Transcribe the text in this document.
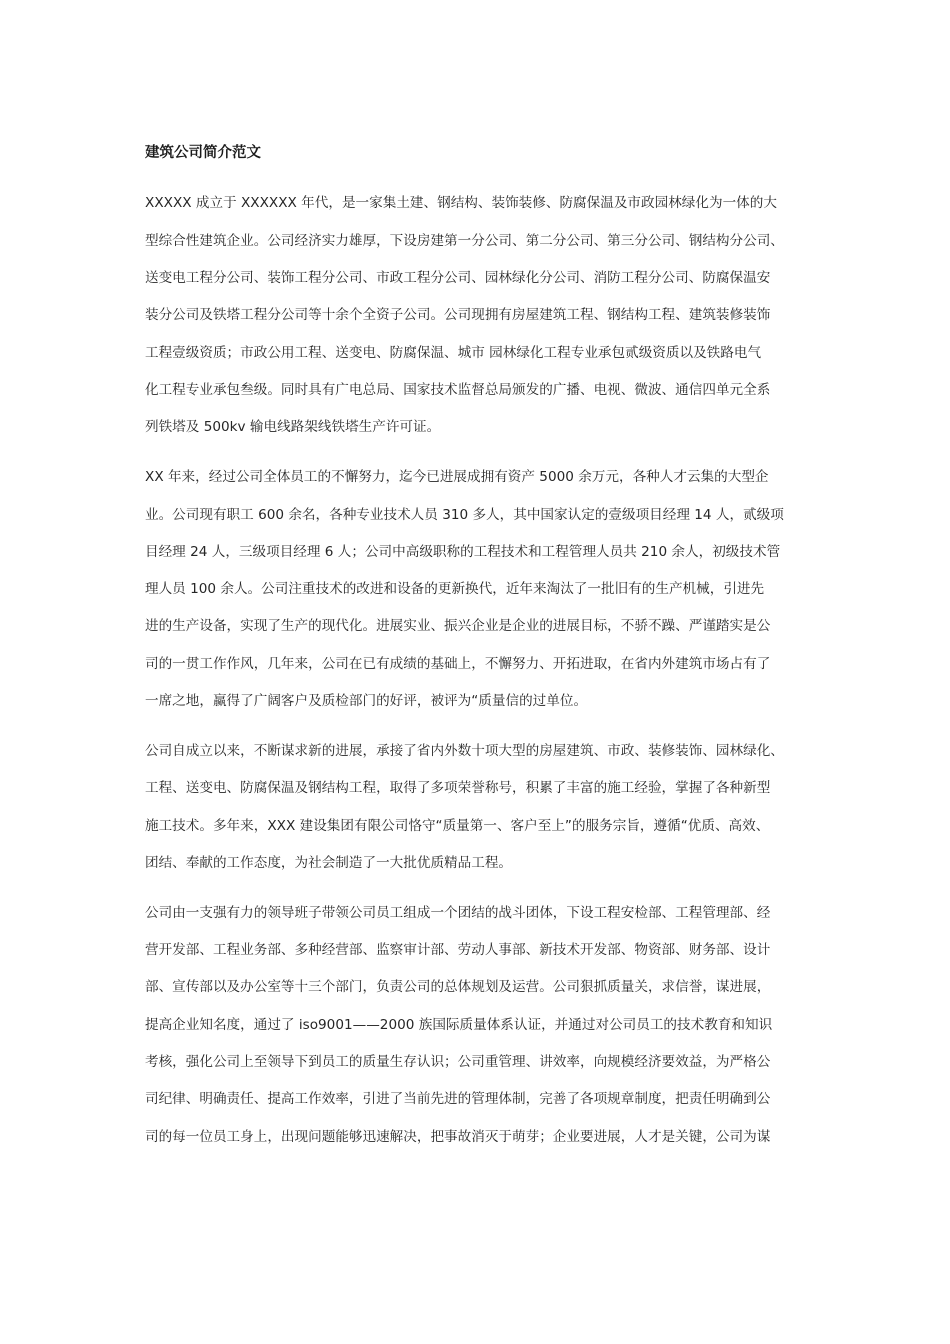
建筑公司简介范文
XXXXX 成立于 XXXXXX 年代，是一家集土建、钢结构、装饰装修、防腐保温及市政园林绿化为一体的大
型综合性建筑企业。公司经济实力雄厚，下设房建第一分公司、第二分公司、第三分公司、钢结构分公司、
送变电工程分公司、装饰工程分公司、市政工程分公司、园林绿化分公司、消防工程分公司、防腐保温安
装分公司及铁塔工程分公司等十余个全资子公司。公司现拥有房屋建筑工程、钢结构工程、建筑装修装饰
工程壹级资质；市政公用工程、送变电、防腐保温、城市 园林绿化工程专业承包贰级资质以及铁路电气
化工程专业承包叁级。同时具有广电总局、国家技术监督总局颁发的广播、电视、微波、通信四单元全系
列铁塔及 500kv 输电线路架线铁塔生产许可证。
XX 年来，经过公司全体员工的不懈努力，迄今已进展成拥有资产 5000 余万元，各种人才云集的大型企
业。公司现有职工 600 余名，各种专业技术人员 310 多人，其中国家认定的壹级项目经理 14 人，贰级项
目经理 24 人，三级项目经理 6 人；公司中高级职称的工程技术和工程管理人员共 210 余人，初级技术管
理人员 100 余人。公司注重技术的改进和设备的更新换代，近年来淘汰了一批旧有的生产机械，引进先
进的生产设备，实现了生产的现代化。进展实业、振兴企业是企业的进展目标，不骄不躁、严谨踏实是公
司的一贯工作作风，几年来，公司在已有成绩的基础上，不懈努力、开拓进取，在省内外建筑市场占有了
一席之地，赢得了广阔客户及质检部门的好评，被评为“质量信的过单位。
公司自成立以来，不断谋求新的进展，承接了省内外数十项大型的房屋建筑、市政、装修装饰、园林绿化、
工程、送变电、防腐保温及钢结构工程，取得了多项荣誉称号，积累了丰富的施工经验，掌握了各种新型
施工技术。多年来，XXX 建设集团有限公司恪守“质量第一、客户至上”的服务宗旨，遵循“优质、高效、
团结、奉献的工作态度，为社会制造了一大批优质精品工程。
公司由一支强有力的领导班子带领公司员工组成一个团结的战斗团体，下设工程安检部、工程管理部、经
营开发部、工程业务部、多种经营部、监察审计部、劳动人事部、新技术开发部、物资部、财务部、设计
部、宣传部以及办公室等十三个部门，负责公司的总体规划及运营。公司狠抓质量关，求信誉，谋进展，
提高企业知名度，通过了 iso9001——2000 族国际质量体系认证，并通过对公司员工的技术教育和知识
考核，强化公司上至领导下到员工的质量生存认识；公司重管理、讲效率，向规模经济要效益，为严格公
司纪律、明确责任、提高工作效率，引进了当前先进的管理体制，完善了各项规章制度，把责任明确到公
司的每一位员工身上，出现问题能够迅速解决，把事故消灭于萌芽；企业要进展，人才是关键，公司为谋
